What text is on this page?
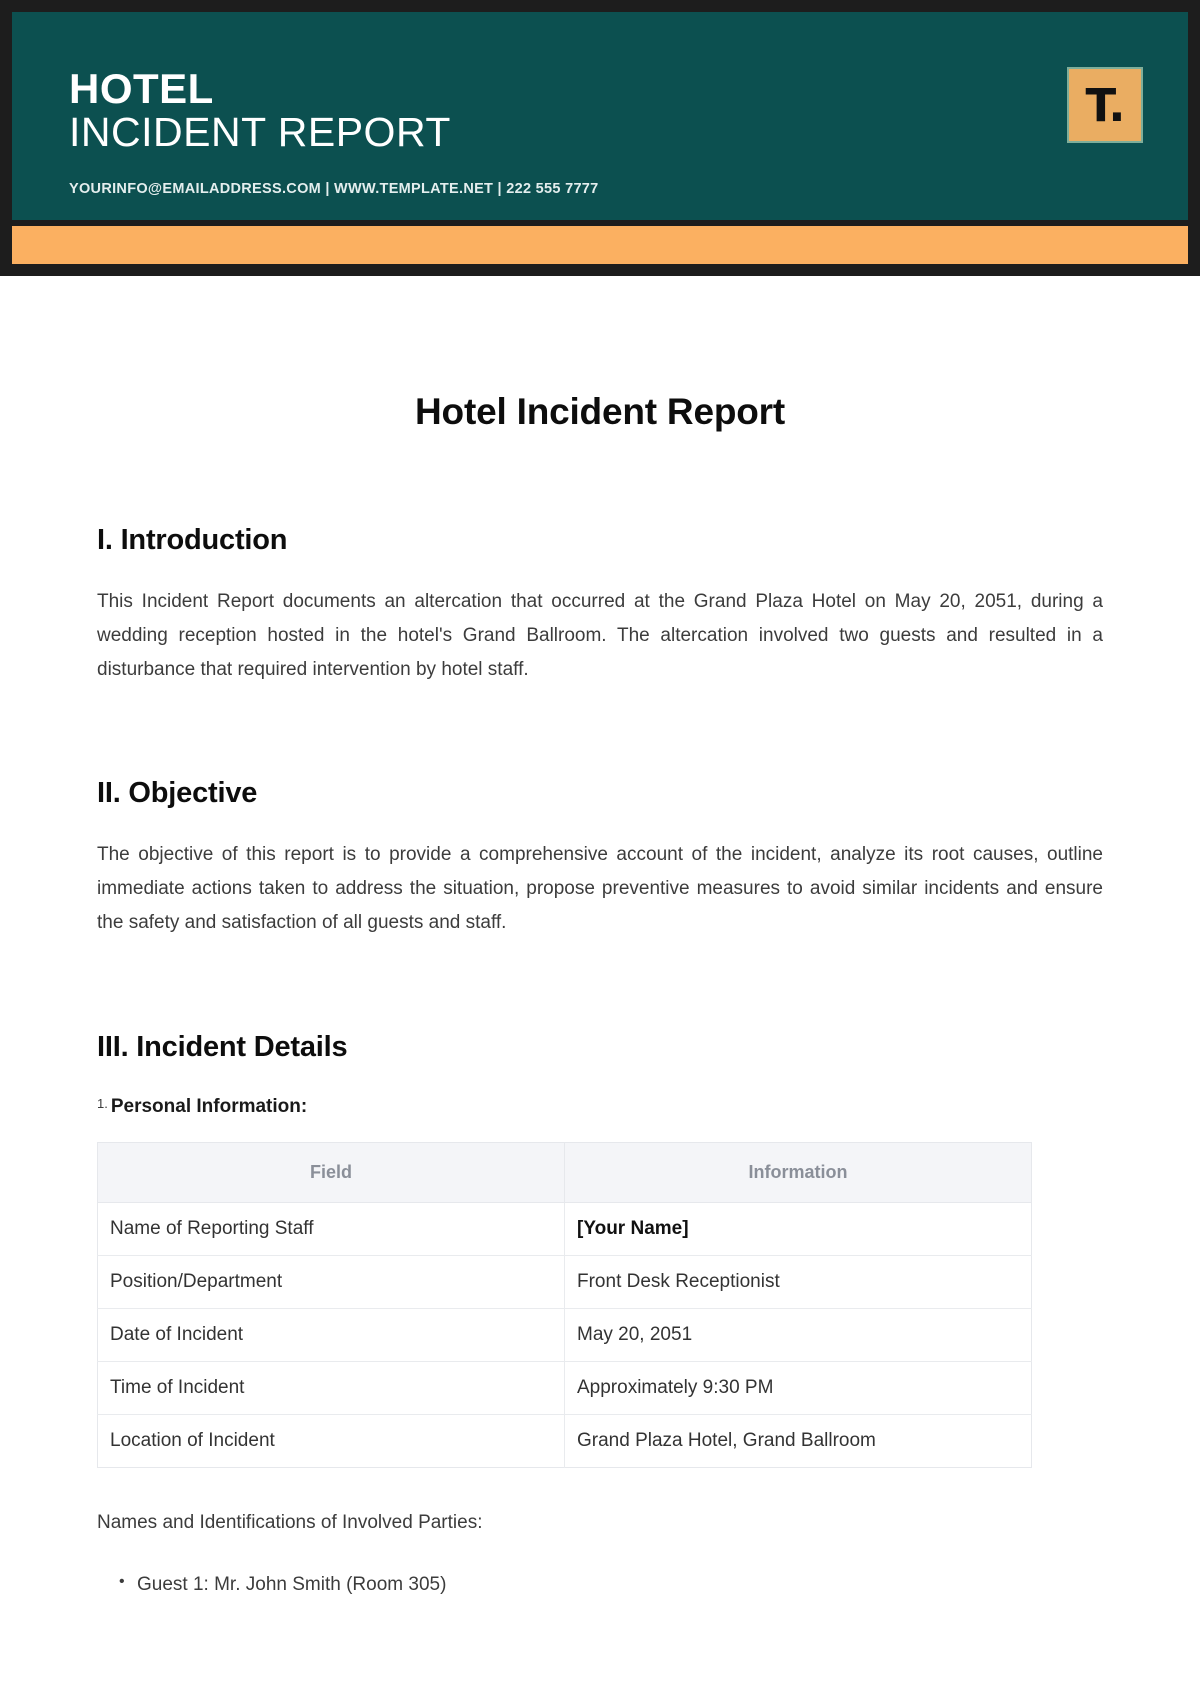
HOTEL
INCIDENT REPORT
T.
YOURINFO@EMAILADDRESS.COM | WWW.TEMPLATE.NET | 222 555 7777
Hotel Incident Report
I. Introduction

This Incident Report documents an altercation that occurred at the Grand Plaza Hotel on May 20, 2051, during a wedding reception hosted in the hotel's Grand Ballroom. The altercation involved two guests and resulted in a disturbance that required intervention by hotel staff.

II. Objective

The objective of this report is to provide a comprehensive account of the incident, analyze its root causes, outline immediate actions taken to address the situation, propose preventive measures to avoid similar incidents and ensure the safety and satisfaction of all guests and staff.

III. Incident Details

$^{1.}$ Personal Information:

Field	Information
Name of Reporting Staff	[Your Name]
Position/Department	Front Desk Receptionist
Date of Incident	May 20, 2051
Time of Incident	Approximately 9:30 PM
Location of Incident	Grand Plaza Hotel, Grand Ballroom

Names and Identifications of Involved Parties:

• Guest 1: Mr. John Smith (Room 305)
